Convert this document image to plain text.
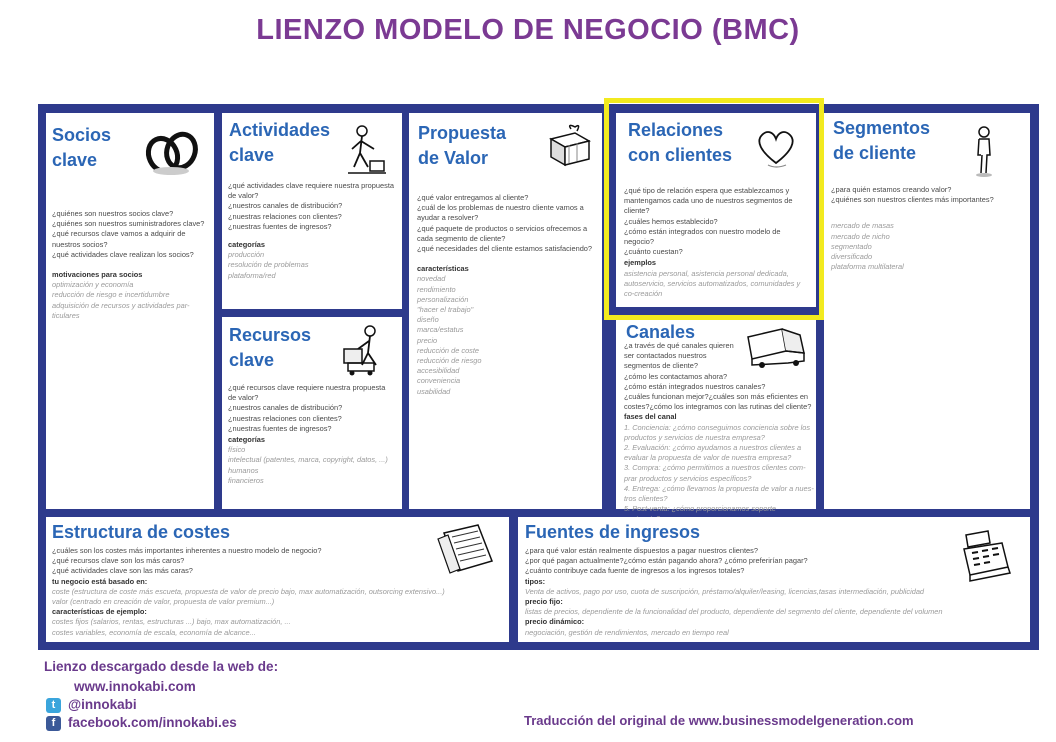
LIENZO MODELO DE NEGOCIO (BMC)
Socios
clave
¿quiénes son nuestros socios clave?
¿quiénes son nuestros suministradores clave?
¿qué recursos clave vamos a adquirir de nuestros socios?
¿qué actividades clave realizan los socios?
motivaciones para socios
optimización y economía
reducción de riesgo e incertidumbre
adquisición de recursos y actividades par-ticulares
Actividades
clave
¿qué actividades clave requiere nuestra propuesta de valor?
¿nuestros canales de distribución?
¿nuestras relaciones con clientes?
¿nuestras fuentes de ingresos?
categorías
producción
resolución de problemas
plataforma/red
Recursos
clave
¿qué recursos clave requiere nuestra propuesta de valor?
¿nuestros canales de distribución?
¿nuestras relaciones con clientes?
¿nuestras fuentes de ingresos?
categorías
físico
intelectual (patentes, marca, copyright, datos, ...)
humanos
financieros
Propuesta
de Valor
¿qué valor entregamos al cliente?
¿cuál de los problemas de nuestro cliente vamos a ayudar a resolver?
¿qué paquete de productos o servicios ofrecemos a cada segmento de cliente?
¿qué necesidades del cliente estamos satisfaciendo?
características
novedad
rendimiento
personalización
"hacer el trabajo"
diseño
marca/estatus
precio
reducción de coste
reducción de riesgo
accesibilidad
conveniencia
usabilidad
Relaciones
con clientes
¿qué tipo de relación espera que establezcamos y mantengamos cada uno de nuestros segmentos de cliente?
¿cuáles hemos establecido?
¿cómo están integrados con nuestro modelo de negocio?
¿cuánto cuestan?
ejemplos
asistencia personal, asistencia personal dedicada, autoservicio, servicios automatizados, comunidades y co-creación
Canales
¿a través de qué canales quieren ser contactados nuestros segmentos de cliente?
¿cómo les contactamos ahora?
¿cómo están integrados nuestros canales?
¿cuáles funcionan mejor?¿cuáles son más eficientes en costes?¿cómo los integramos con las rutinas del cliente?
fases del canal
1. Conciencia: ¿cómo conseguimos conciencia sobre los productos y servicios de nuestra empresa?
2. Evaluación: ¿cómo ayudamos a nuestros clientes a evaluar la propuesta de valor de nuestra empresa?
3. Compra: ¿cómo permitimos a nuestros clientes com-prar productos y servicios específicos?
4. Entrega: ¿cómo llevamos la propuesta de valor a nues-tros clientes?
5. Post-venta: ¿cómo proporcionamos soporte
Segmentos
de cliente
¿para quién estamos creando valor?
¿quiénes son nuestros clientes más importantes?
mercado de masas
mercado de nicho
segmentado
diversificado
plataforma multilateral
Estructura de costes
¿cuáles son los costes más importantes inherentes a nuestro modelo de negocio?
¿qué recursos clave son los más caros?
¿qué actividades clave son las más caras?
tu negocio está basado en:
coste (estructura de coste más escueta, propuesta de valor de precio bajo, max automatización, outsorcing extensivo...)
valor (centrado en creación de valor, propuesta de valor premium...)
características de ejemplo:
costes fijos (salarios, rentas, estructuras ...) bajo, max automatización, ...
costes variables, economía de escala, economía de alcance...
Fuentes de ingresos
¿para qué valor están realmente dispuestos a pagar nuestros clientes?
¿por qué pagan actualmente?¿cómo están pagando ahora? ¿cómo preferirían pagar?
¿cuánto contribuye cada fuente de ingresos a los ingresos totales?
tipos:
Venta de activos, pago por uso, cuota de suscripción, préstamo/alquiler/leasing, licencias,tasas intermediación, publicidad
precio fijo:
listas de precios, dependiente de la funcionalidad del producto, dependiente del segmento del cliente, dependiente del volumen
precio dinámico:
negociación, gestión de rendimientos, mercado en tiempo real
Lienzo descargado desde la web de:
www.innokabi.com
t @innokabi
f facebook.com/innokabi.es	Traducción del original de www.businessmodelgeneration.com
